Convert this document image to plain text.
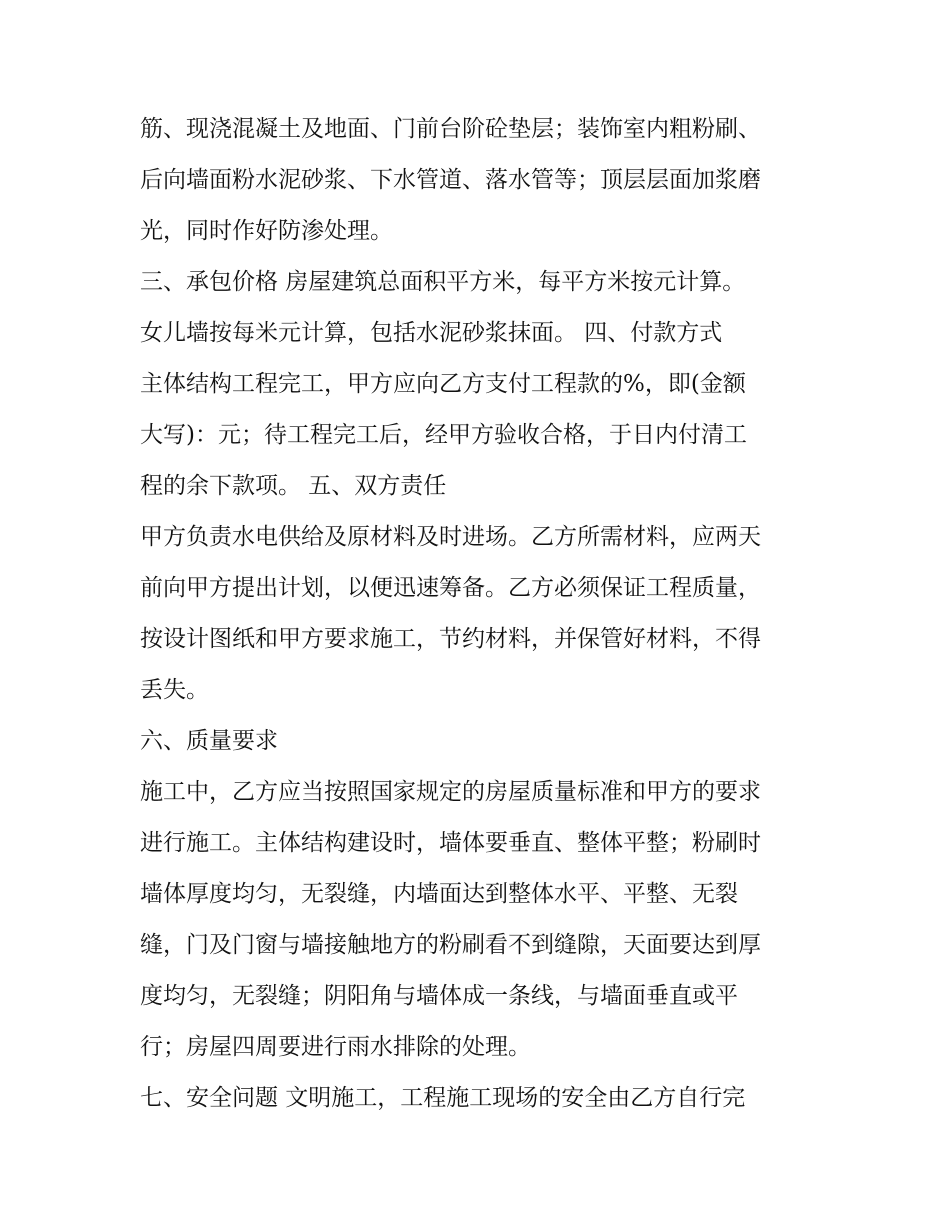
筋、现浇混凝土及地面、门前台阶砼垫层；装饰室内粗粉刷、
后向墙面粉水泥砂浆、下水管道、落水管等；顶层层面加浆磨
光，同时作好防渗处理。
三、承包价格 房屋建筑总面积平方米，每平方米按元计算。
女儿墙按每米元计算，包括水泥砂浆抹面。 四、付款方式
主体结构工程完工，甲方应向乙方支付工程款的%，即(金额
大写)：元；待工程完工后，经甲方验收合格，于日内付清工
程的余下款项。 五、双方责任
甲方负责水电供给及原材料及时进场。乙方所需材料，应两天
前向甲方提出计划，以便迅速筹备。乙方必须保证工程质量，
按设计图纸和甲方要求施工，节约材料，并保管好材料，不得
丢失。
六、质量要求
施工中，乙方应当按照国家规定的房屋质量标准和甲方的要求
进行施工。主体结构建设时，墙体要垂直、整体平整；粉刷时
墙体厚度均匀，无裂缝，内墙面达到整体水平、平整、无裂
缝，门及门窗与墙接触地方的粉刷看不到缝隙，天面要达到厚
度均匀，无裂缝；阴阳角与墙体成一条线，与墙面垂直或平
行；房屋四周要进行雨水排除的处理。
七、安全问题 文明施工，工程施工现场的安全由乙方自行完
